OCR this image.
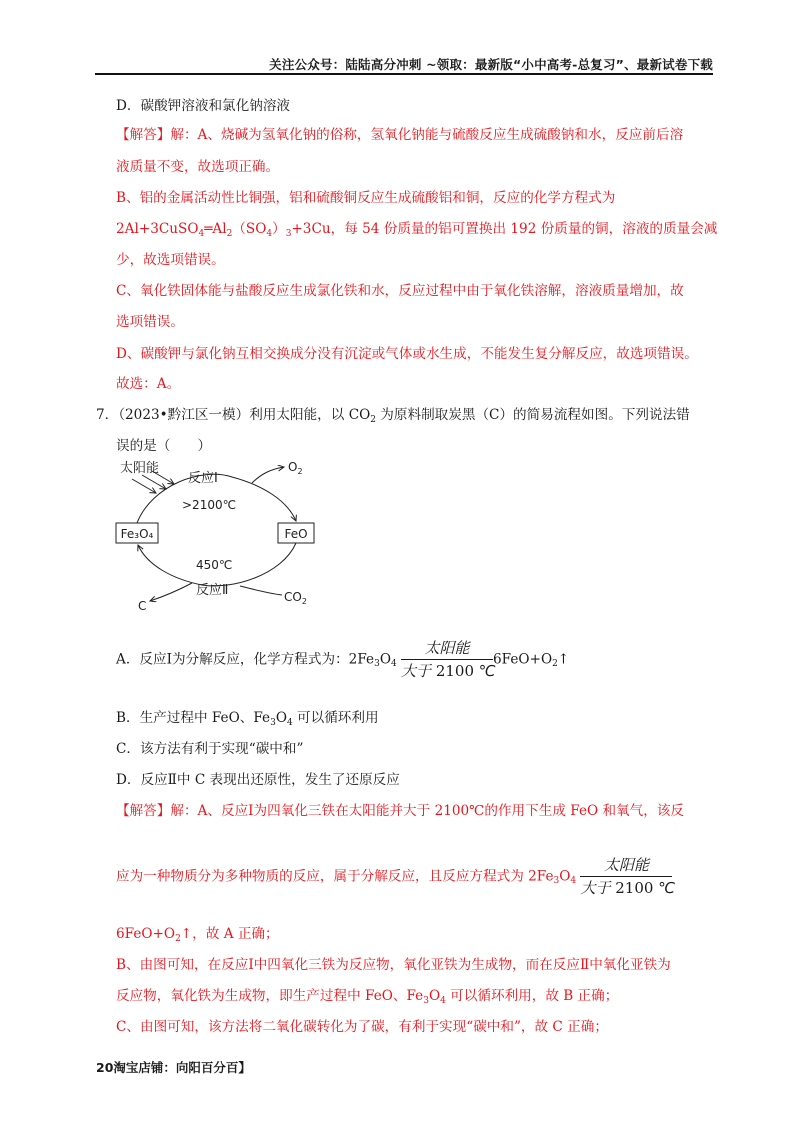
关注公众号：陆陆高分冲刺 ~领取：最新版“小中高考-总复习”、最新试卷下载
D．碳酸钾溶液和氯化钠溶液
【解答】解：A、烧碱为氢氧化钠的俗称，氢氧化钠能与硫酸反应生成硫酸钠和水，反应前后溶
液质量不变，故选项正确。
B、铝的金属活动性比铜强，铝和硫酸铜反应生成硫酸铝和铜，反应的化学方程式为
$2Al+3CuSO_4═Al_2(SO_4)_3+3Cu$，每 54 份质量的铝可置换出 192 份质量的铜，溶液的质量会减
少，故选项错误。
C、氧化铁固体能与盐酸反应生成氯化铁和水，反应过程中由于氧化铁溶解，溶液质量增加，故
选项错误。
D、碳酸钾与氯化钠互相交换成分没有沉淀或气体或水生成，不能发生复分解反应，故选项错误。
故选：A。
7．（2023•黔江区一模）利用太阳能，以 $CO_2$ 为原料制取炭黑（C）的简易流程如图。下列说法错
误的是（　　）
Fe₃O₄	FeO
太阳能
反应Ⅰ
>2100℃
$O_2$
450℃
反应Ⅱ
C
$CO_2$
A．反应Ⅰ为分解反应，化学方程式为：$2Fe_3O_4 \frac{\text{太阳能}}{\text{大于 2100 ℃}}$ $6FeO+O_2↑$
B．生产过程中 FeO、$Fe_3O_4$ 可以循环利用
C．该方法有利于实现“碳中和”
D．反应Ⅱ中 C 表现出还原性，发生了还原反应
【解答】解：A、反应Ⅰ为四氧化三铁在太阳能并大于 2100℃的作用下生成 FeO 和氧气，该反
应为一种物质分为多种物质的反应，属于分解反应，且反应方程式为 $2Fe_3O_4 \frac{\text{太阳能}}{\text{大于 2100 ℃}}$
$6FeO+O_2↑$，故 A 正确；
B、由图可知，在反应Ⅰ中四氧化三铁为反应物，氧化亚铁为生成物，而在反应Ⅱ中氧化亚铁为
反应物，氧化铁为生成物，即生产过程中 FeO、$Fe_3O_4$ 可以循环利用，故 B 正确；
C、由图可知，该方法将二氧化碳转化为了碳，有利于实现“碳中和”，故 C 正确；
20淘宝店铺：向阳百分百】
